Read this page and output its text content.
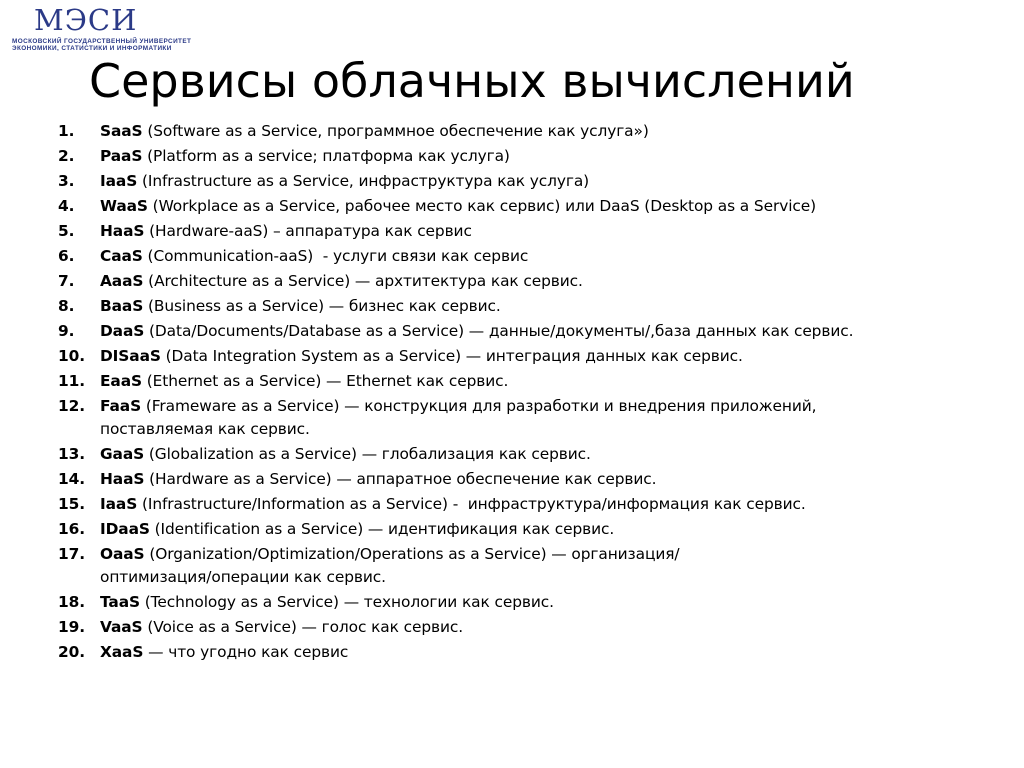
МЭСИ
МОСКОВСКИЙ ГОСУДАРСТВЕННЫЙ УНИВЕРСИТЕТ
ЭКОНОМИКИ, СТАТИСТИКИ И ИНФОРМАТИКИ
Сервисы облачных вычислений
1. SaaS (Software as a Service, программное обеспечение как услуга»)
2. PaaS (Platform as a service; платформа как услуга)
3. IaaS (Infrastructure as a Service, инфраструктура как услуга)
4. WaaS (Workplace as a Service, рабочее место как сервис) или DaaS (Desktop as a Service)
5. HaaS (Hardware-aaS) – аппаратура как сервис
6. CaaS (Communication-aaS)  - услуги связи как сервис
7. AaaS (Architecture as a Service) — архтитектура как сервис.
8. BaaS (Business as a Service) — бизнес как сервис.
9. DaaS (Data/Documents/Database as a Service) — данные/документы/,база данных как сервис.
10. DISaaS (Data Integration System as a Service) — интеграция данных как сервис.
11. EaaS (Ethernet as a Service) — Ethernet как сервис.
12. FaaS (Frameware as a Service) — конструкция для разработки и внедрения приложений,
поставляемая как сервис.
13. GaaS (Globalization as a Service) — глобализация как сервис.
14. HaaS (Hardware as a Service) — аппаратное обеспечение как сервис.
15. IaaS (Infrastructure/Information as a Service) -  инфраструктура/информация как сервис.
16. IDaaS (Identification as a Service) — идентификация как сервис.
17. OaaS (Organization/Optimization/Operations as a Service) — организация/
оптимизация/операции как сервис.
18. TaaS (Technology as a Service) — технологии как сервис.
19. VaaS (Voice as a Service) — голос как сервис.
20. XaaS — что угодно как сервис
